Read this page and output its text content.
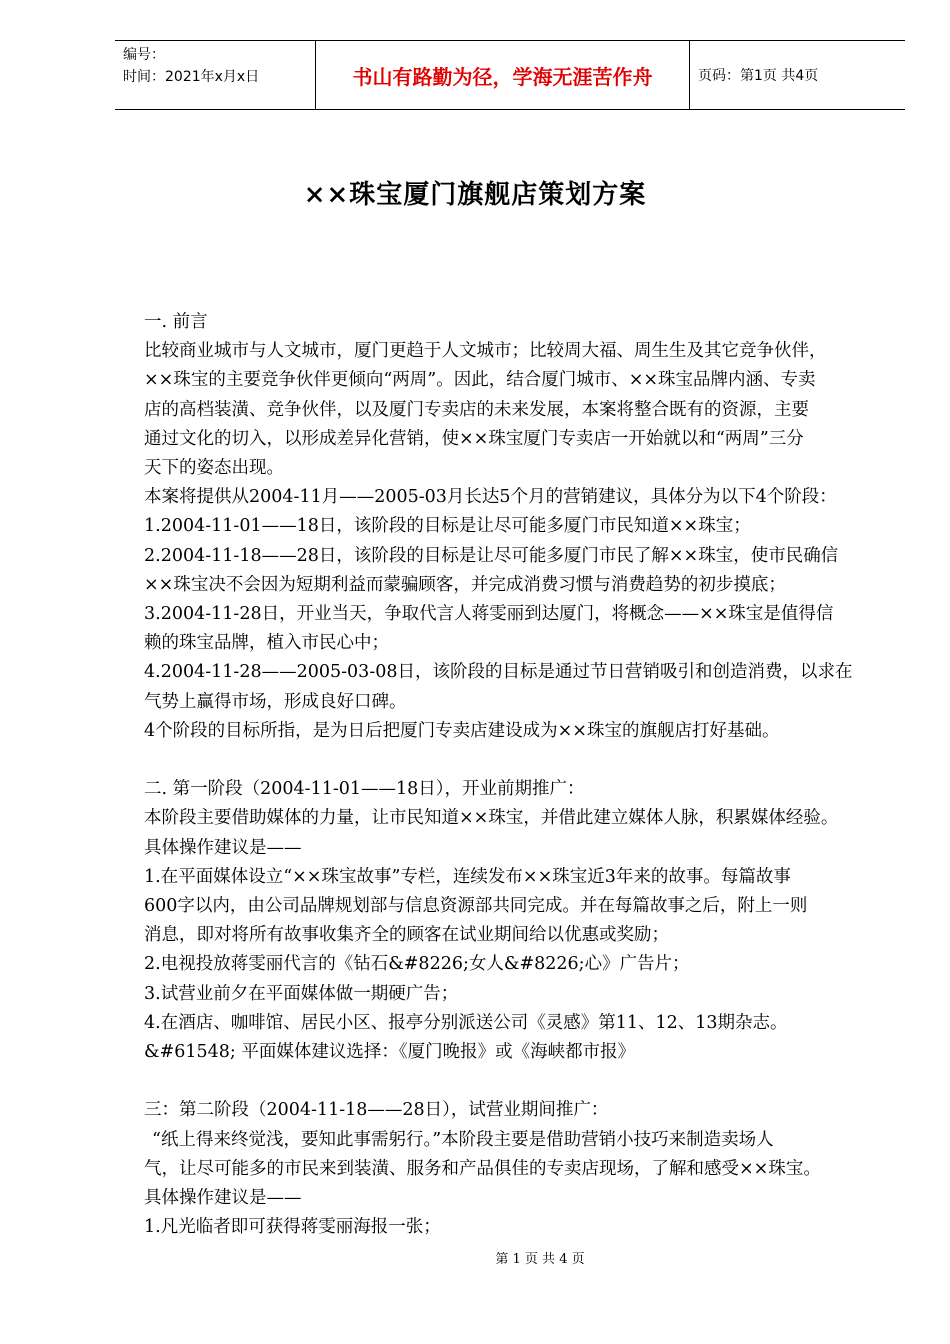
编号：
时间：2021年x月x日	书山有路勤为径，学海无涯苦作舟	页码：第1页 共4页
××珠宝厦门旗舰店策划方案

一. 前言

比较商业城市与人文城市，厦门更趋于人文城市；比较周大福、周生生及其它竞争伙伴，

××珠宝的主要竞争伙伴更倾向“两周”。因此，结合厦门城市、××珠宝品牌内涵、专卖

店的高档装潢、竞争伙伴，以及厦门专卖店的未来发展，本案将整合既有的资源，主要

通过文化的切入，以形成差异化营销，使××珠宝厦门专卖店一开始就以和“两周”三分

天下的姿态出现。

本案将提供从2004-11月——2005-03月长达5个月的营销建议，具体分为以下4个阶段：

1.2004-11-01——18日，该阶段的目标是让尽可能多厦门市民知道××珠宝；

2.2004-11-18——28日，该阶段的目标是让尽可能多厦门市民了解××珠宝，使市民确信

××珠宝决不会因为短期利益而蒙骗顾客，并完成消费习惯与消费趋势的初步摸底；

3.2004-11-28日，开业当天，争取代言人蒋雯丽到达厦门，将概念——××珠宝是值得信

赖的珠宝品牌，植入市民心中；

4.2004-11-28——2005-03-08日，该阶段的目标是通过节日营销吸引和创造消费，以求在

气势上赢得市场，形成良好口碑。

4个阶段的目标所指，是为日后把厦门专卖店建设成为××珠宝的旗舰店打好基础。

二. 第一阶段（2004-11-01——18日），开业前期推广：

本阶段主要借助媒体的力量，让市民知道××珠宝，并借此建立媒体人脉，积累媒体经验。

具体操作建议是——

1.在平面媒体设立“××珠宝故事”专栏，连续发布××珠宝近3年来的故事。每篇故事

600字以内，由公司品牌规划部与信息资源部共同完成。并在每篇故事之后，附上一则

消息，即对将所有故事收集齐全的顾客在试业期间给以优惠或奖励；

2.电视投放蒋雯丽代言的《钻石&#8226;女人&#8226;心》广告片；

3.试营业前夕在平面媒体做一期硬广告；

4.在酒店、咖啡馆、居民小区、报亭分别派送公司《灵感》第11、12、13期杂志。

&#61548; 平面媒体建议选择：《厦门晚报》或《海峡都市报》

三：第二阶段（2004-11-18——28日），试营业期间推广：

“纸上得来终觉浅，要知此事需躬行。”本阶段主要是借助营销小技巧来制造卖场人

气，让尽可能多的市民来到装潢、服务和产品俱佳的专卖店现场，了解和感受××珠宝。

具体操作建议是——

1.凡光临者即可获得蒋雯丽海报一张；

第 1 页 共 4 页
